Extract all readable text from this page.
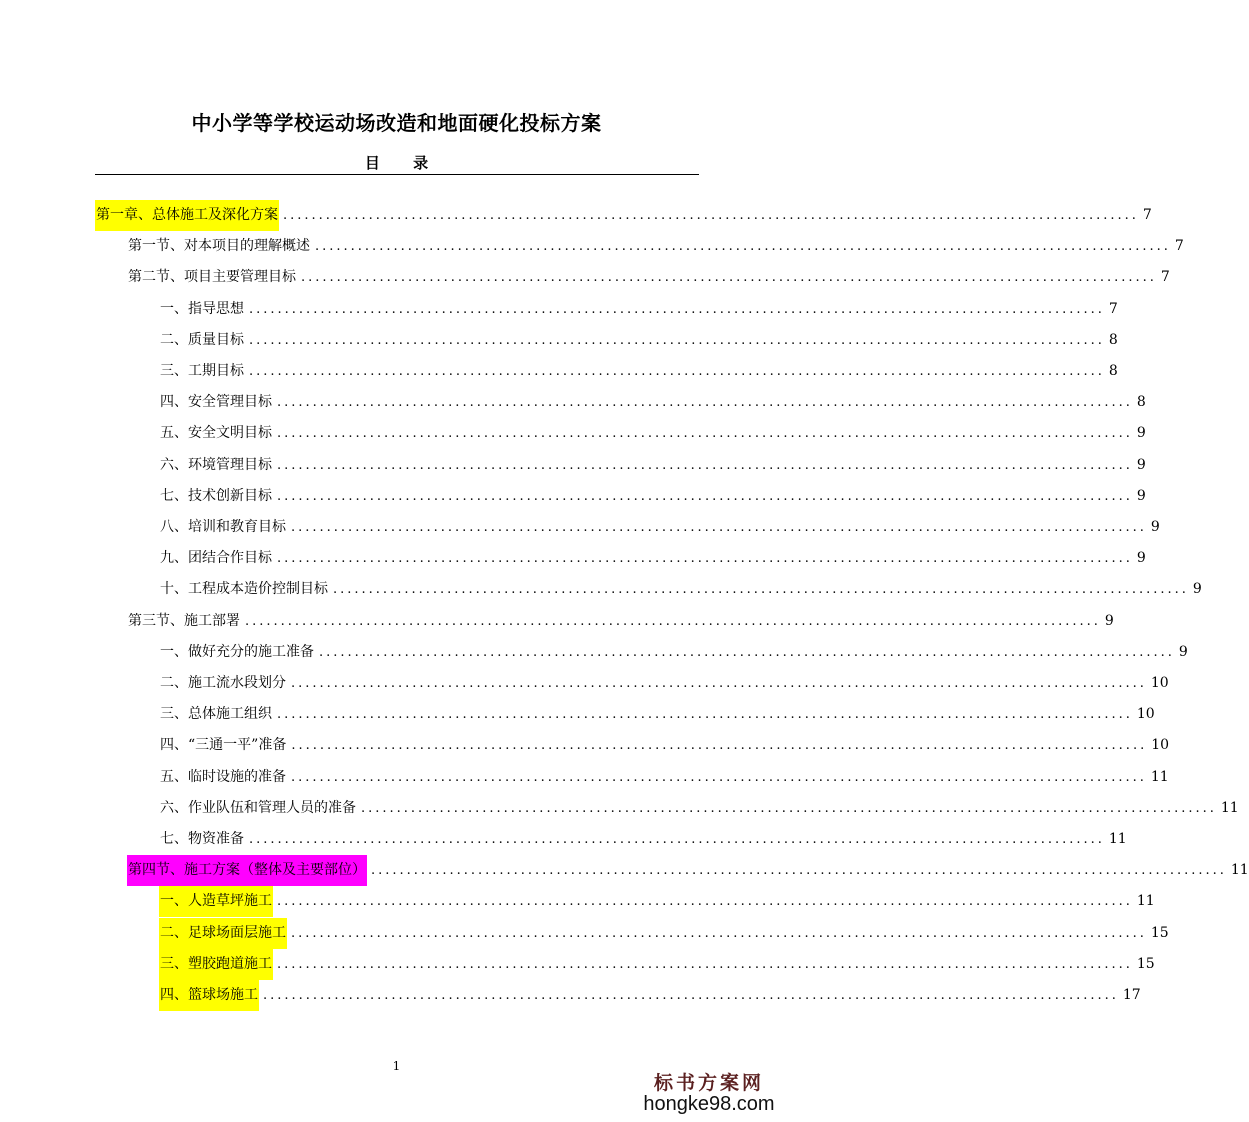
中小学等学校运动场改造和地面硬化投标方案
目 录
第一章、总体施工及深化方案 ........................................................................................................................ 7
第一节、对本项目的理解概述 ........................................................................................................................ 7
第二节、项目主要管理目标 ........................................................................................................................ 7
一、指导思想 ........................................................................................................................ 7
二、质量目标 ........................................................................................................................ 8
三、工期目标 ........................................................................................................................ 8
四、安全管理目标 ........................................................................................................................ 8
五、安全文明目标 ........................................................................................................................ 9
六、环境管理目标 ........................................................................................................................ 9
七、技术创新目标 ........................................................................................................................ 9
八、培训和教育目标 ........................................................................................................................ 9
九、团结合作目标 ........................................................................................................................ 9
十、工程成本造价控制目标 ........................................................................................................................ 9
第三节、施工部署 ........................................................................................................................ 9
一、做好充分的施工准备 ........................................................................................................................ 9
二、施工流水段划分 ........................................................................................................................ 10
三、总体施工组织 ........................................................................................................................ 10
四、“三通一平”准备 ........................................................................................................................ 10
五、临时设施的准备 ........................................................................................................................ 11
六、作业队伍和管理人员的准备 ........................................................................................................................ 11
七、物资准备 ........................................................................................................................ 11
第四节、施工方案（整体及主要部位） ........................................................................................................................ 11
一、人造草坪施工 ........................................................................................................................ 11
二、足球场面层施工 ........................................................................................................................ 15
三、塑胶跑道施工 ........................................................................................................................ 15
四、篮球场施工 ........................................................................................................................ 17
1
标书方案网
hongke98.com
